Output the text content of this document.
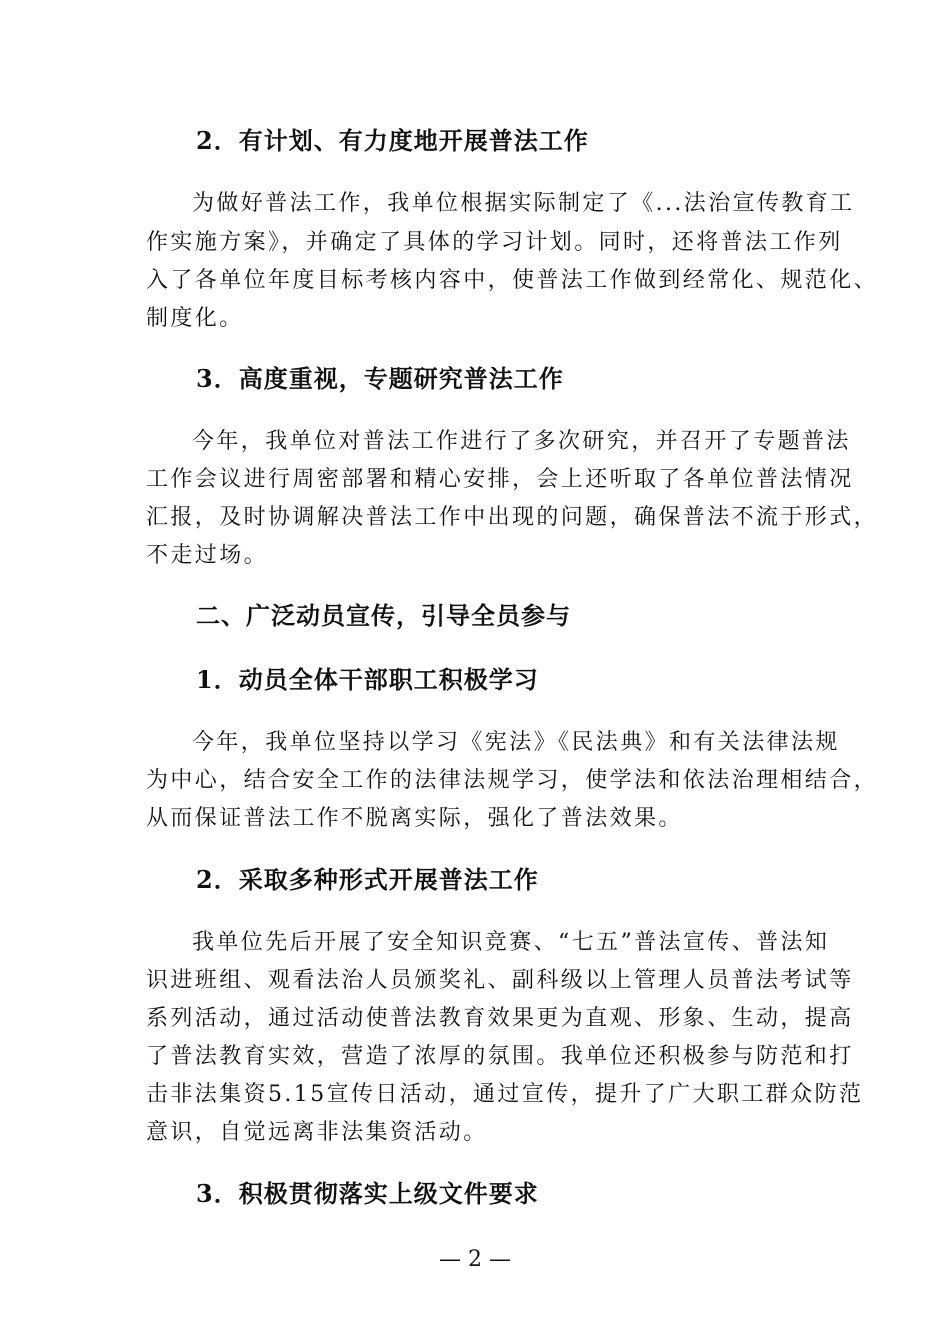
2．有计划、有力度地开展普法工作
为做好普法工作，我单位根据实际制定了《...法治宣传教育工
作实施方案》，并确定了具体的学习计划。同时，还将普法工作列
入了各单位年度目标考核内容中，使普法工作做到经常化、规范化、
制度化。
3．高度重视，专题研究普法工作
今年，我单位对普法工作进行了多次研究，并召开了专题普法
工作会议进行周密部署和精心安排，会上还听取了各单位普法情况
汇报，及时协调解决普法工作中出现的问题，确保普法不流于形式，
不走过场。
二、广泛动员宣传，引导全员参与
1．动员全体干部职工积极学习
今年，我单位坚持以学习《宪法》《民法典》和有关法律法规
为中心，结合安全工作的法律法规学习，使学法和依法治理相结合，
从而保证普法工作不脱离实际，强化了普法效果。
2．采取多种形式开展普法工作
我单位先后开展了安全知识竞赛、“七五”普法宣传、普法知
识进班组、观看法治人员颁奖礼、副科级以上管理人员普法考试等
系列活动，通过活动使普法教育效果更为直观、形象、生动，提高
了普法教育实效，营造了浓厚的氛围。我单位还积极参与防范和打
击非法集资5.15宣传日活动，通过宣传，提升了广大职工群众防范
意识，自觉远离非法集资活动。
3．积极贯彻落实上级文件要求
— 2 —
